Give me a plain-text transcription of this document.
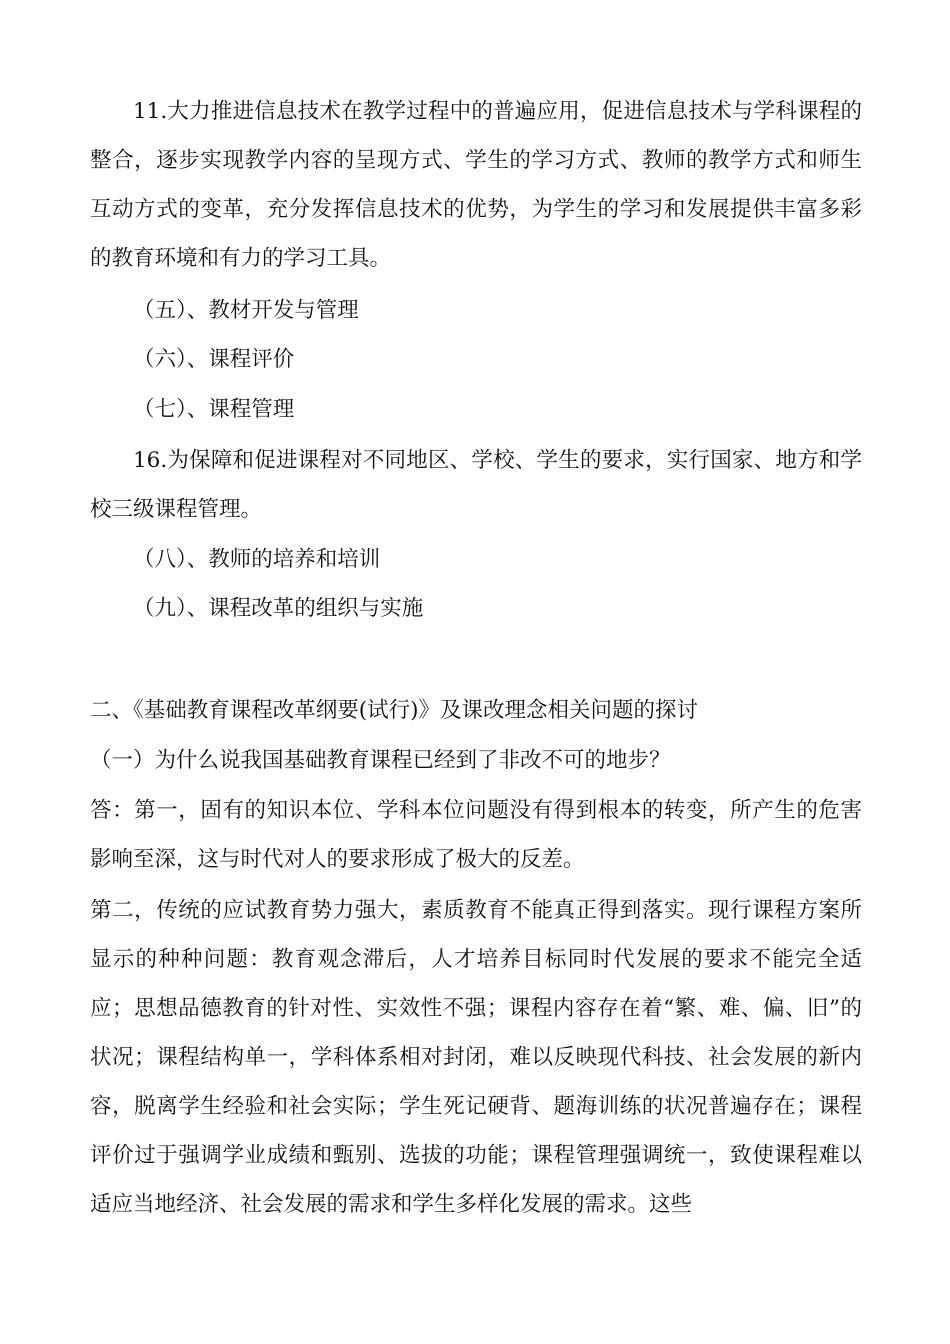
11.大力推进信息技术在教学过程中的普遍应用，促进信息技术与学科课程的整合，逐步实现教学内容的呈现方式、学生的学习方式、教师的教学方式和师生互动方式的变革，充分发挥信息技术的优势，为学生的学习和发展提供丰富多彩的教育环境和有力的学习工具。

（五）、教材开发与管理

（六）、课程评价

（七）、课程管理

16.为保障和促进课程对不同地区、学校、学生的要求，实行国家、地方和学校三级课程管理。

（八）、教师的培养和培训

（九）、课程改革的组织与实施

二、《基础教育课程改革纲要(试行)》及课改理念相关问题的探讨

（一）为什么说我国基础教育课程已经到了非改不可的地步？

答：第一，固有的知识本位、学科本位问题没有得到根本的转变，所产生的危害影响至深，这与时代对人的要求形成了极大的反差。

第二，传统的应试教育势力强大，素质教育不能真正得到落实。现行课程方案所显示的种种问题：教育观念滞后，人才培养目标同时代发展的要求不能完全适应；思想品德教育的针对性、实效性不强；课程内容存在着“繁、难、偏、旧”的状况；课程结构单一，学科体系相对封闭，难以反映现代科技、社会发展的新内容，脱离学生经验和社会实际；学生死记硬背、题海训练的状况普遍存在；课程评价过于强调学业成绩和甄别、选拔的功能；课程管理强调统一，致使课程难以适应当地经济、社会发展的需求和学生多样化发展的需求。这些
